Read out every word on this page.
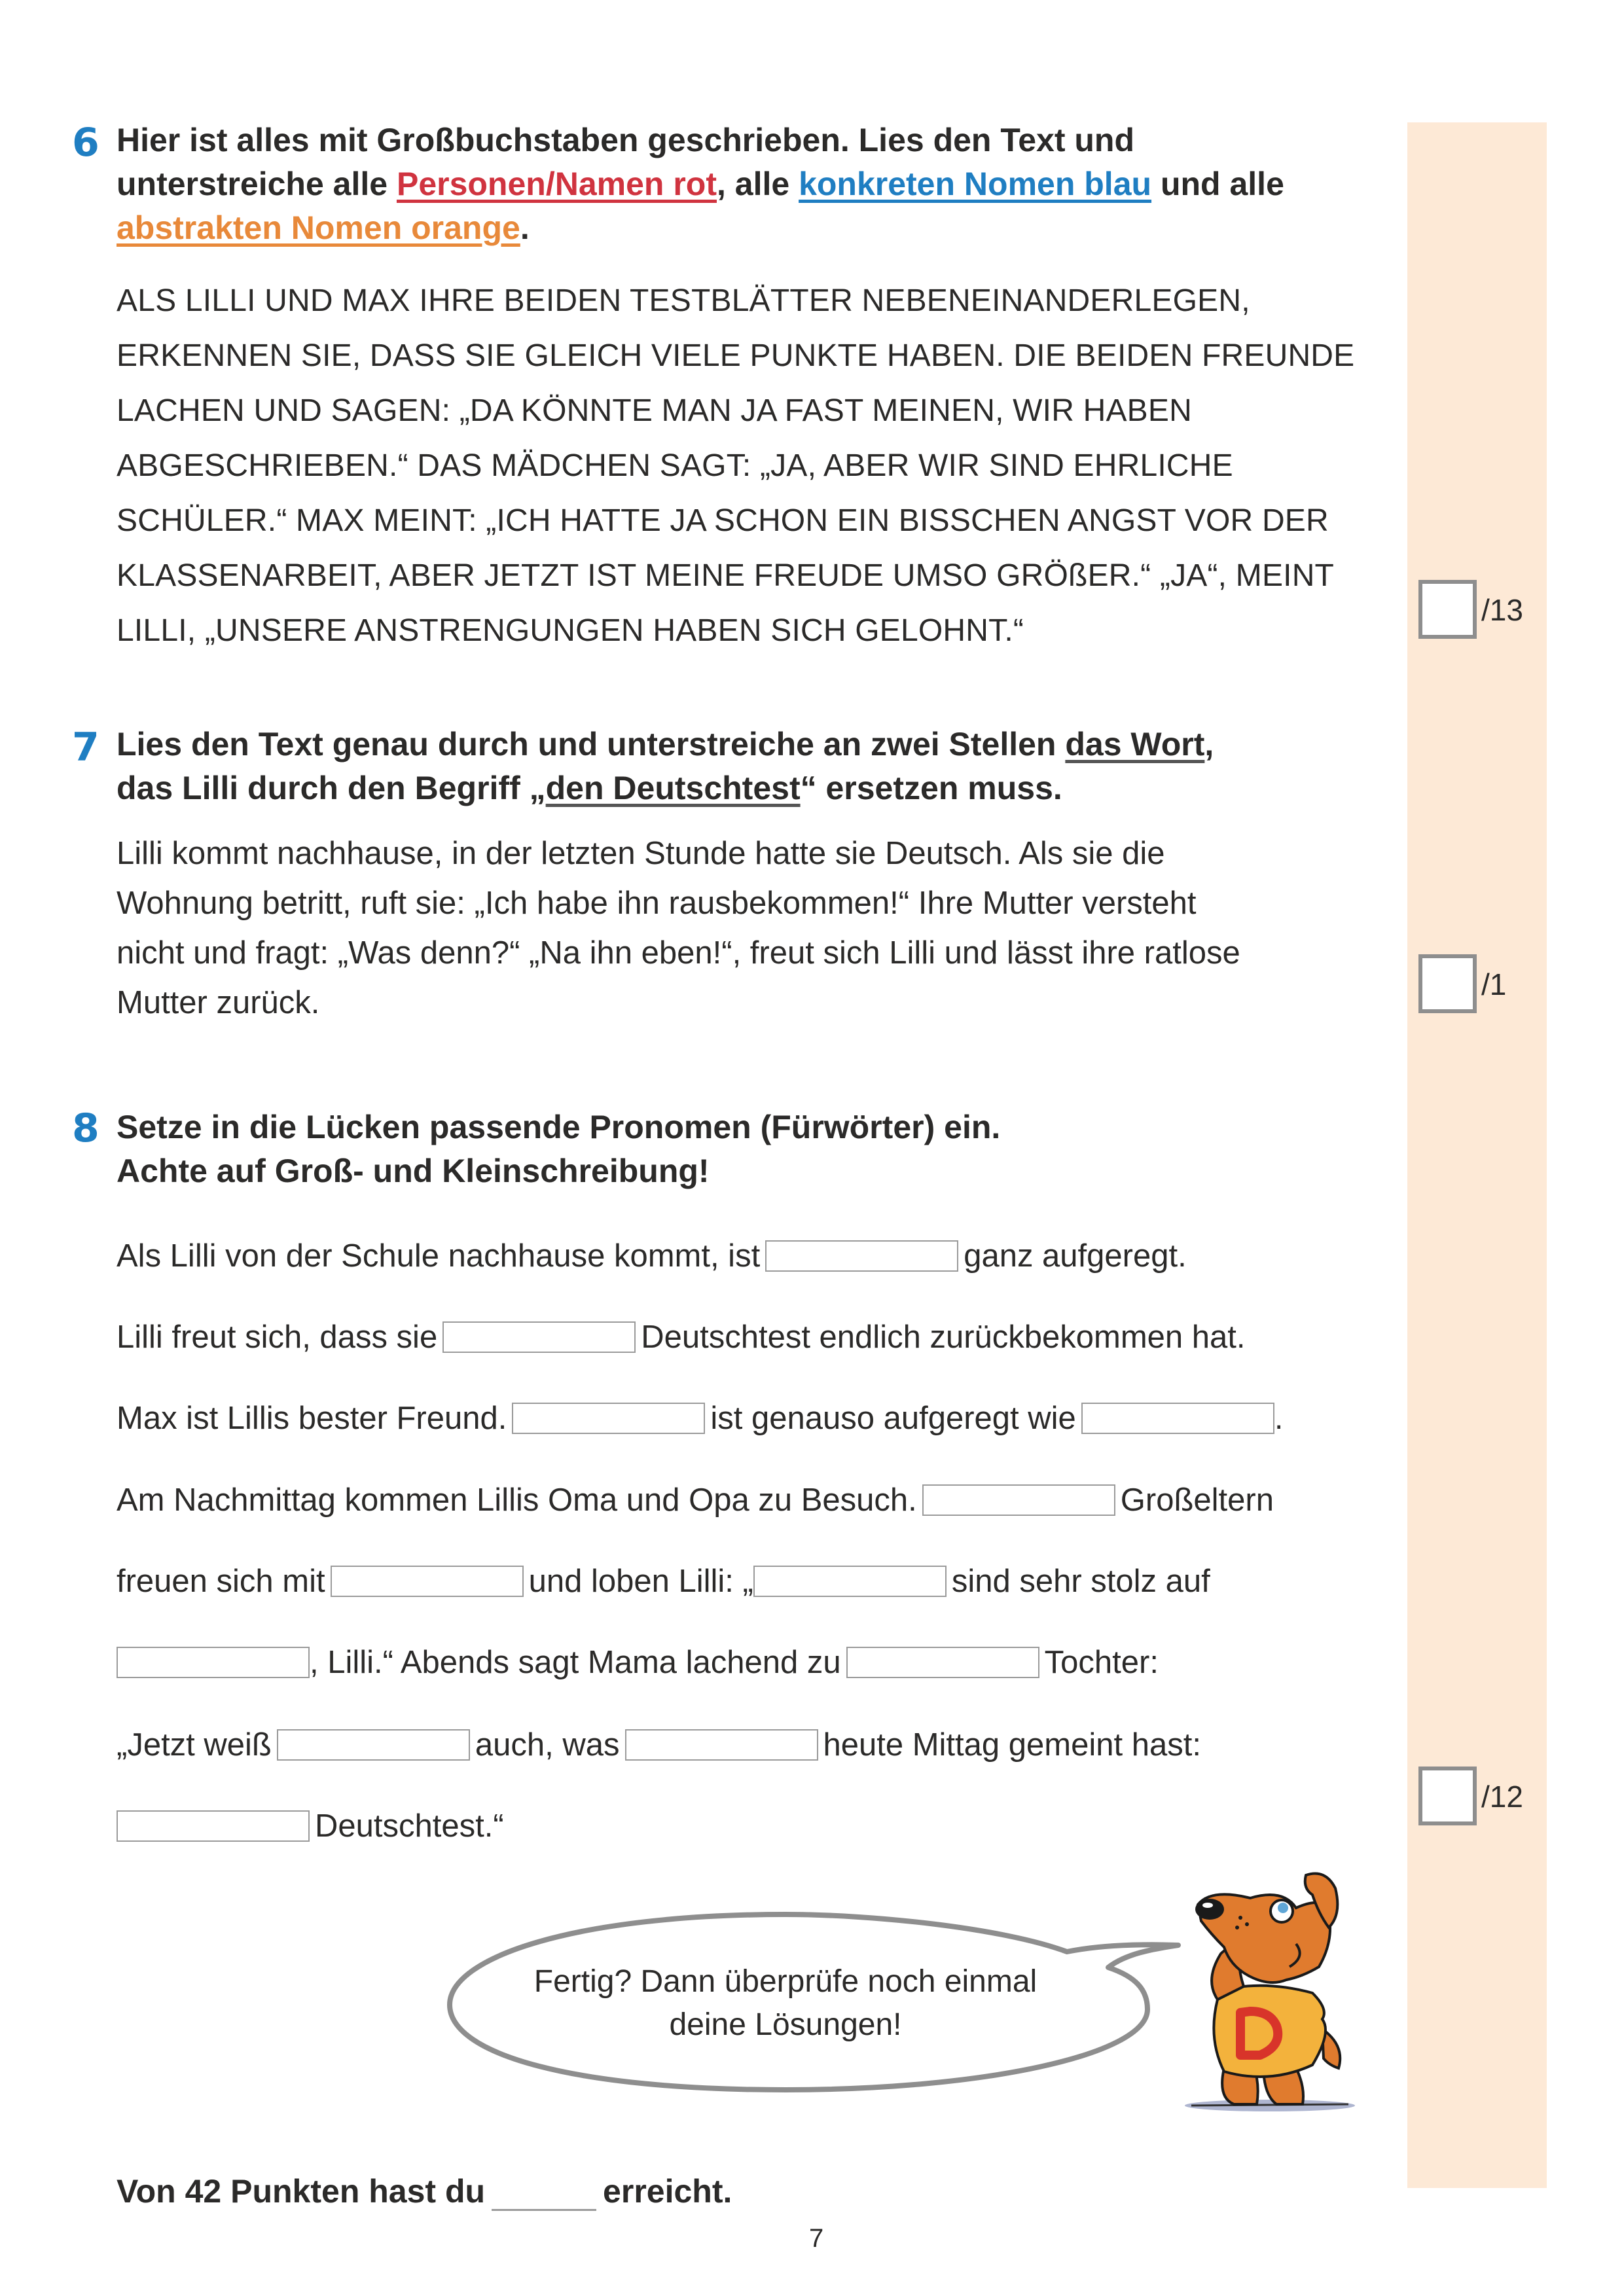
6 Hier ist alles mit Großbuchstaben geschrieben. Lies den Text und
unterstreiche alle Personen/Namen rot, alle konkreten Nomen blau und alle
abstrakten Nomen orange.
ALS LILLI UND MAX IHRE BEIDEN TESTBLÄTTER NEBENEINANDERLEGEN,
ERKENNEN SIE, DASS SIE GLEICH VIELE PUNKTE HABEN. DIE BEIDEN FREUNDE
LACHEN UND SAGEN: „DA KÖNNTE MAN JA FAST MEINEN, WIR HABEN
ABGESCHRIEBEN.“ DAS MÄDCHEN SAGT: „JA, ABER WIR SIND EHRLICHE
SCHÜLER.“ MAX MEINT: „ICH HATTE JA SCHON EIN BISSCHEN ANGST VOR DER
KLASSENARBEIT, ABER JETZT IST MEINE FREUDE UMSO GRÖßER.“ „JA“, MEINT
LILLI, „UNSERE ANSTRENGUNGEN HABEN SICH GELOHNT.“
/13
7 Lies den Text genau durch und unterstreiche an zwei Stellen das Wort,
das Lilli durch den Begriff „den Deutschtest“ ersetzen muss.
Lilli kommt nachhause, in der letzten Stunde hatte sie Deutsch. Als sie die
Wohnung betritt, ruft sie: „Ich habe ihn rausbekommen!“ Ihre Mutter versteht
nicht und fragt: „Was denn?“ „Na ihn eben!“, freut sich Lilli und lässt ihre ratlose
Mutter zurück.
/1
8 Setze in die Lücken passende Pronomen (Fürwörter) ein.
Achte auf Groß- und Kleinschreibung!
Als Lilli von der Schule nachhause kommt, ist	ganz aufgeregt.
Lilli freut sich, dass sie	Deutschtest endlich zurückbekommen hat.
Max ist Lillis bester Freund.	ist genauso aufgeregt wie	.
Am Nachmittag kommen Lillis Oma und Opa zu Besuch.	Großeltern
freuen sich mit	und loben Lilli: „	sind sehr stolz auf
, Lilli.“ Abends sagt Mama lachend zu	Tochter:
„Jetzt weiß	auch, was	heute Mittag gemeint hast:
Deutschtest.“
/12
Fertig? Dann überprüfe noch einmal
deine Lösungen!
Von 42 Punkten hast du	erreicht.
7
